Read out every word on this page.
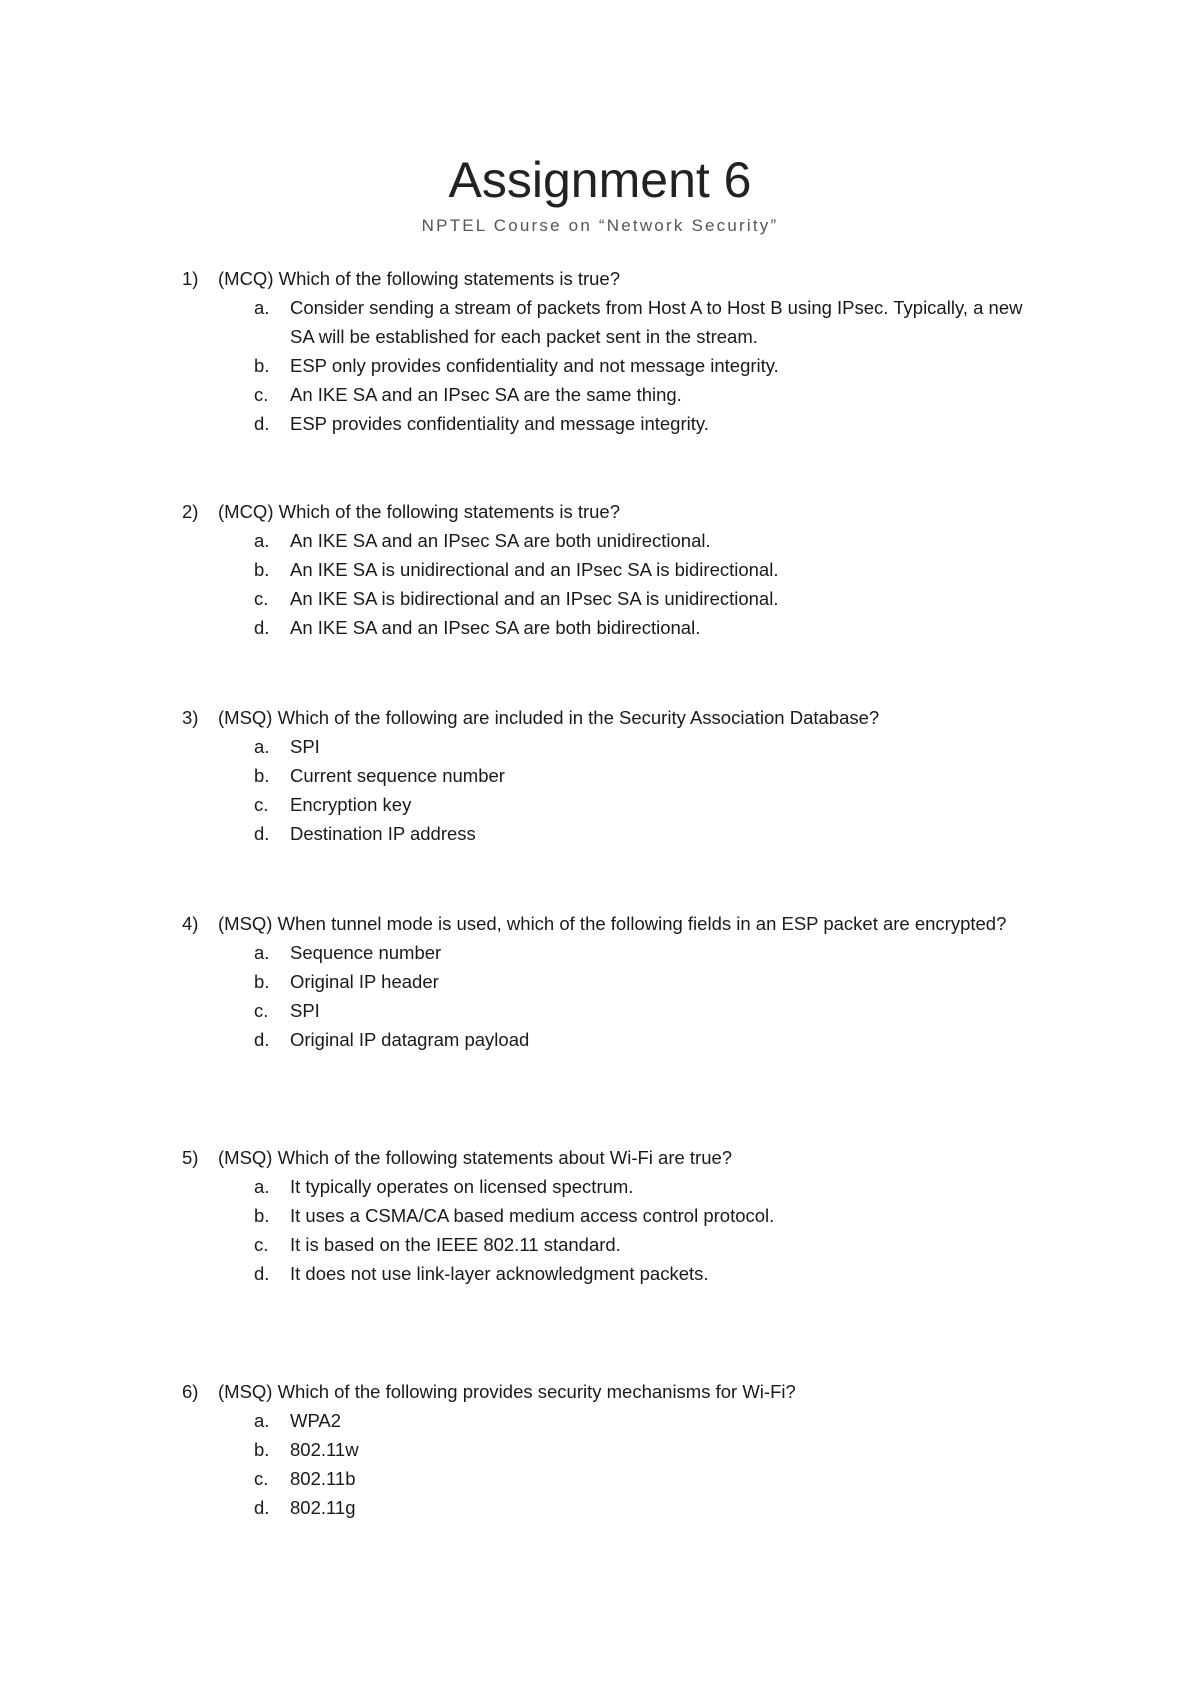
Assignment 6
NPTEL Course on “Network Security”
1)	(MCQ) Which of the following statements is true?
a.	Consider sending a stream of packets from Host A to Host B using IPsec. Typically, a new SA will be established for each packet sent in the stream.
b.	ESP only provides confidentiality and not message integrity.
c.	An IKE SA and an IPsec SA are the same thing.
d.	ESP provides confidentiality and message integrity.
2)	(MCQ) Which of the following statements is true?
a.	An IKE SA and an IPsec SA are both unidirectional.
b.	An IKE SA is unidirectional and an IPsec SA is bidirectional.
c.	An IKE SA is bidirectional and an IPsec SA is unidirectional.
d.	An IKE SA and an IPsec SA are both bidirectional.
3)	(MSQ) Which of the following are included in the Security Association Database?
a.	SPI
b.	Current sequence number
c.	Encryption key
d.	Destination IP address
4)	(MSQ) When tunnel mode is used, which of the following fields in an ESP packet are encrypted?
a.	Sequence number
b.	Original IP header
c.	SPI
d.	Original IP datagram payload
5)	(MSQ) Which of the following statements about Wi-Fi are true?
a.	It typically operates on licensed spectrum.
b.	It uses a CSMA/CA based medium access control protocol.
c.	It is based on the IEEE 802.11 standard.
d.	It does not use link-layer acknowledgment packets.
6)	(MSQ) Which of the following provides security mechanisms for Wi-Fi?
a.	WPA2
b.	802.11w
c.	802.11b
d.	802.11g
